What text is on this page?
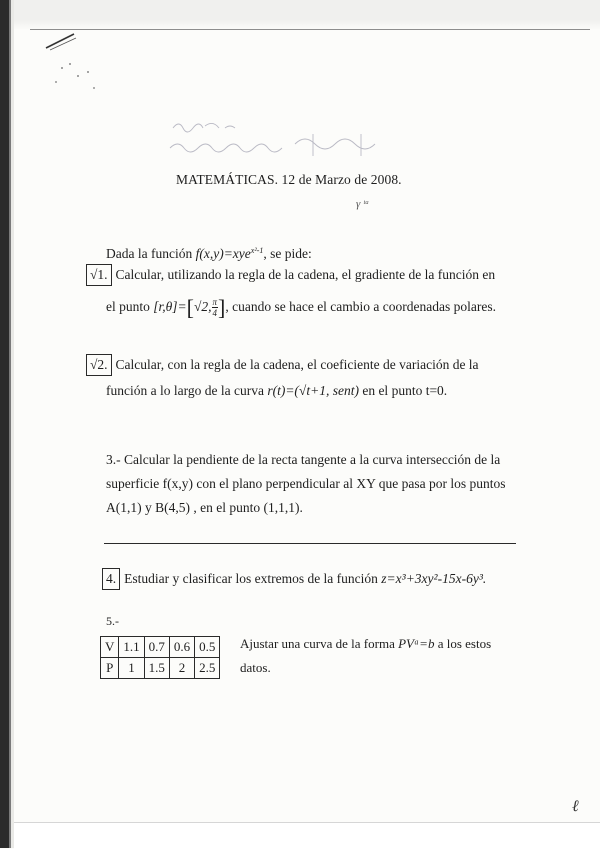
MATEMÁTICAS. 12 de Marzo de 2008.
γ ᵗᵃ
Dada la función f(x,y)=xye$^{x^2-1}$, se pide:
√1. Calcular, utilizando la regla de la cadena, el gradiente de la función en
el punto [r,θ]=[√2, $\frac{\pi}{4}$ ], cuando se hace el cambio a coordenadas polares.
√2. Calcular, con la regla de la cadena, el coeficiente de variación de la
función a lo largo de la curva r(t)=(√t+1, sent) en el punto t=0.
3.- Calcular la pendiente de la recta tangente a la curva intersección de la
superficie f(x,y) con el plano perpendicular al XY que pasa por los puntos
A(1,1) y B(4,5) , en el punto (1,1,1).
4. Estudiar y clasificar los extremos de la función z=x³+3xy²-15x-6y³.
5.-
V	1.1	0.7	0.6	0.5
P	1	1.5	2	2.5
Ajustar una curva de la forma PVᵃ=b a los estos
datos.
ℓ
